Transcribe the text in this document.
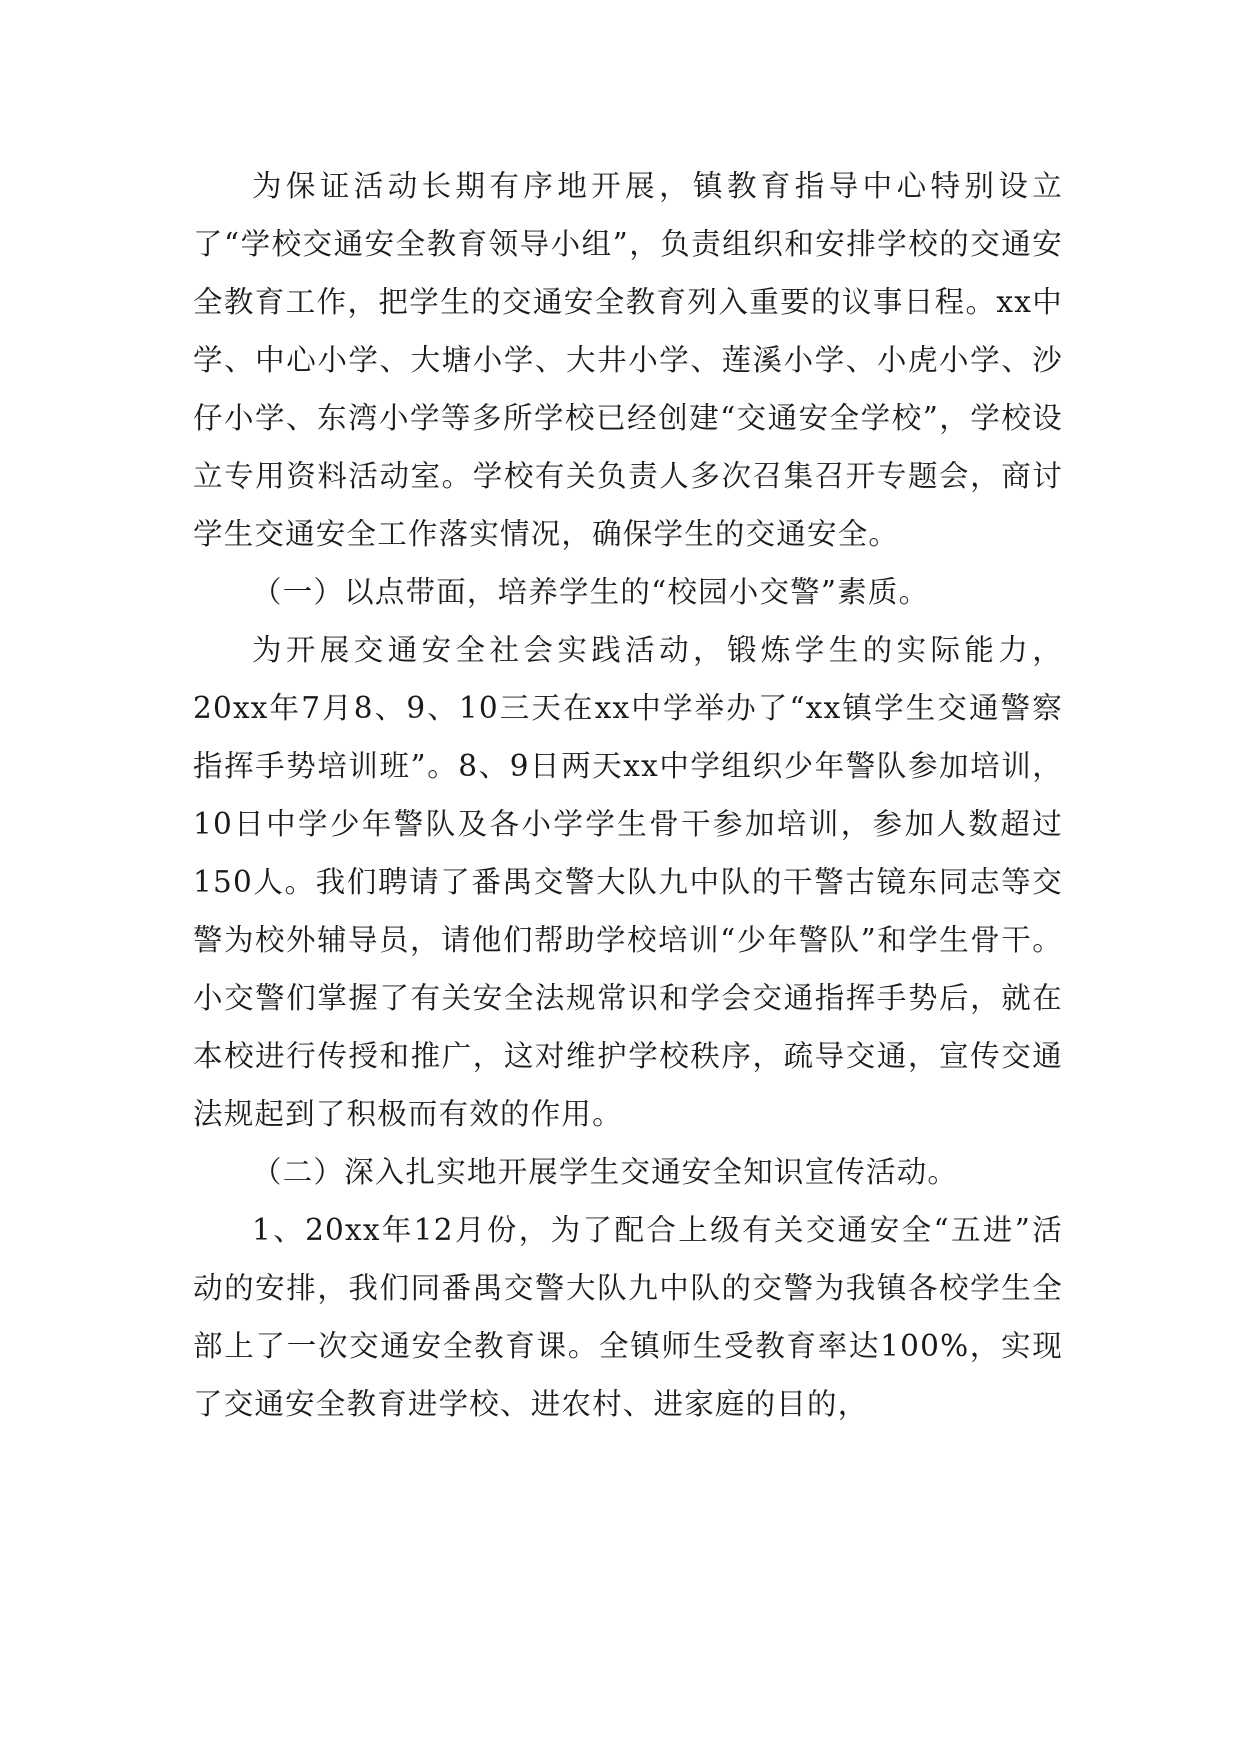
为保证活动长期有序地开展，镇教育指导中心特别设立了“学校交通安全教育领导小组”，负责组织和安排学校的交通安全教育工作，把学生的交通安全教育列入重要的议事日程。xx中学、中心小学、大塘小学、大井小学、莲溪小学、小虎小学、沙仔小学、东湾小学等多所学校已经创建“交通安全学校”，学校设立专用资料活动室。学校有关负责人多次召集召开专题会，商讨学生交通安全工作落实情况，确保学生的交通安全。

（一）以点带面，培养学生的“校园小交警”素质。

为开展交通安全社会实践活动，锻炼学生的实际能力，20xx年7月8、9、10三天在xx中学举办了“xx镇学生交通警察指挥手势培训班”。8、9日两天xx中学组织少年警队参加培训，10日中学少年警队及各小学学生骨干参加培训，参加人数超过150人。我们聘请了番禺交警大队九中队的干警古镜东同志等交警为校外辅导员，请他们帮助学校培训“少年警队”和学生骨干。小交警们掌握了有关安全法规常识和学会交通指挥手势后，就在本校进行传授和推广，这对维护学校秩序，疏导交通，宣传交通法规起到了积极而有效的作用。

（二）深入扎实地开展学生交通安全知识宣传活动。

1、20xx年12月份，为了配合上级有关交通安全“五进”活动的安排，我们同番禺交警大队九中队的交警为我镇各校学生全部上了一次交通安全教育课。全镇师生受教育率达100%，实现了交通安全教育进学校、进农村、进家庭的目的，
